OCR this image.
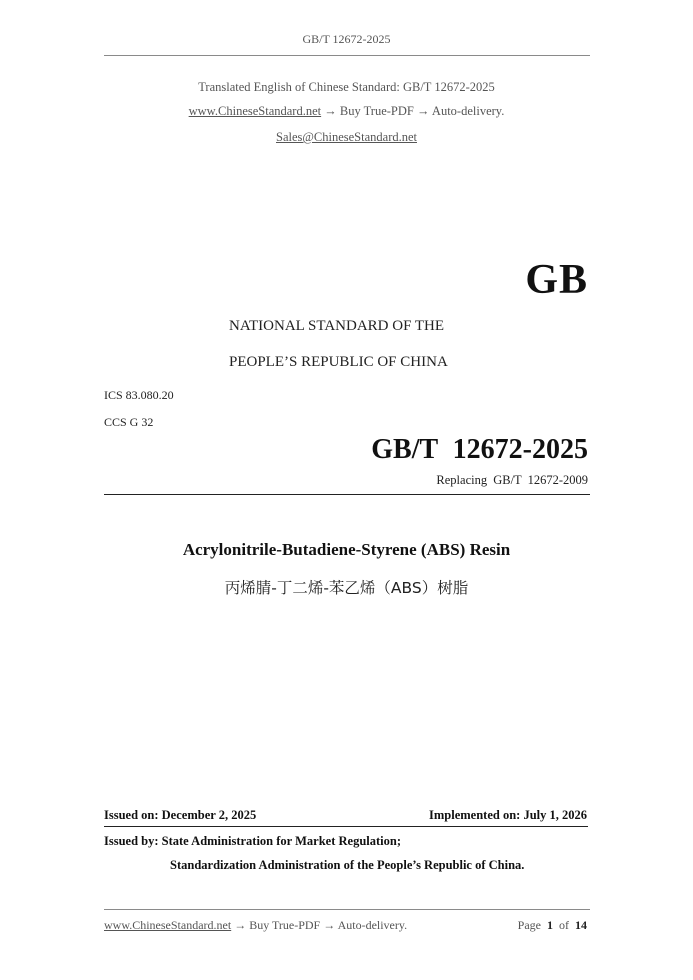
GB/T 12672-2025
Translated English of Chinese Standard: GB/T 12672-2025
www.ChineseStandard.net → Buy True-PDF → Auto-delivery.
Sales@ChineseStandard.net
GB
NATIONAL STANDARD OF THE
PEOPLE’S REPUBLIC OF CHINA
ICS 83.080.20
CCS G 32
GB/T 12672-2025
Replacing GB/T 12672-2009
Acrylonitrile-Butadiene-Styrene (ABS) Resin
丙烯腈-丁二烯-苯乙烯（ABS）树脂
Issued on: December 2, 2025	Implemented on: July 1, 2026
Issued by: State Administration for Market Regulation;
Standardization Administration of the People’s Republic of China.
www.ChineseStandard.net → Buy True-PDF → Auto-delivery.	Page 1 of 14
